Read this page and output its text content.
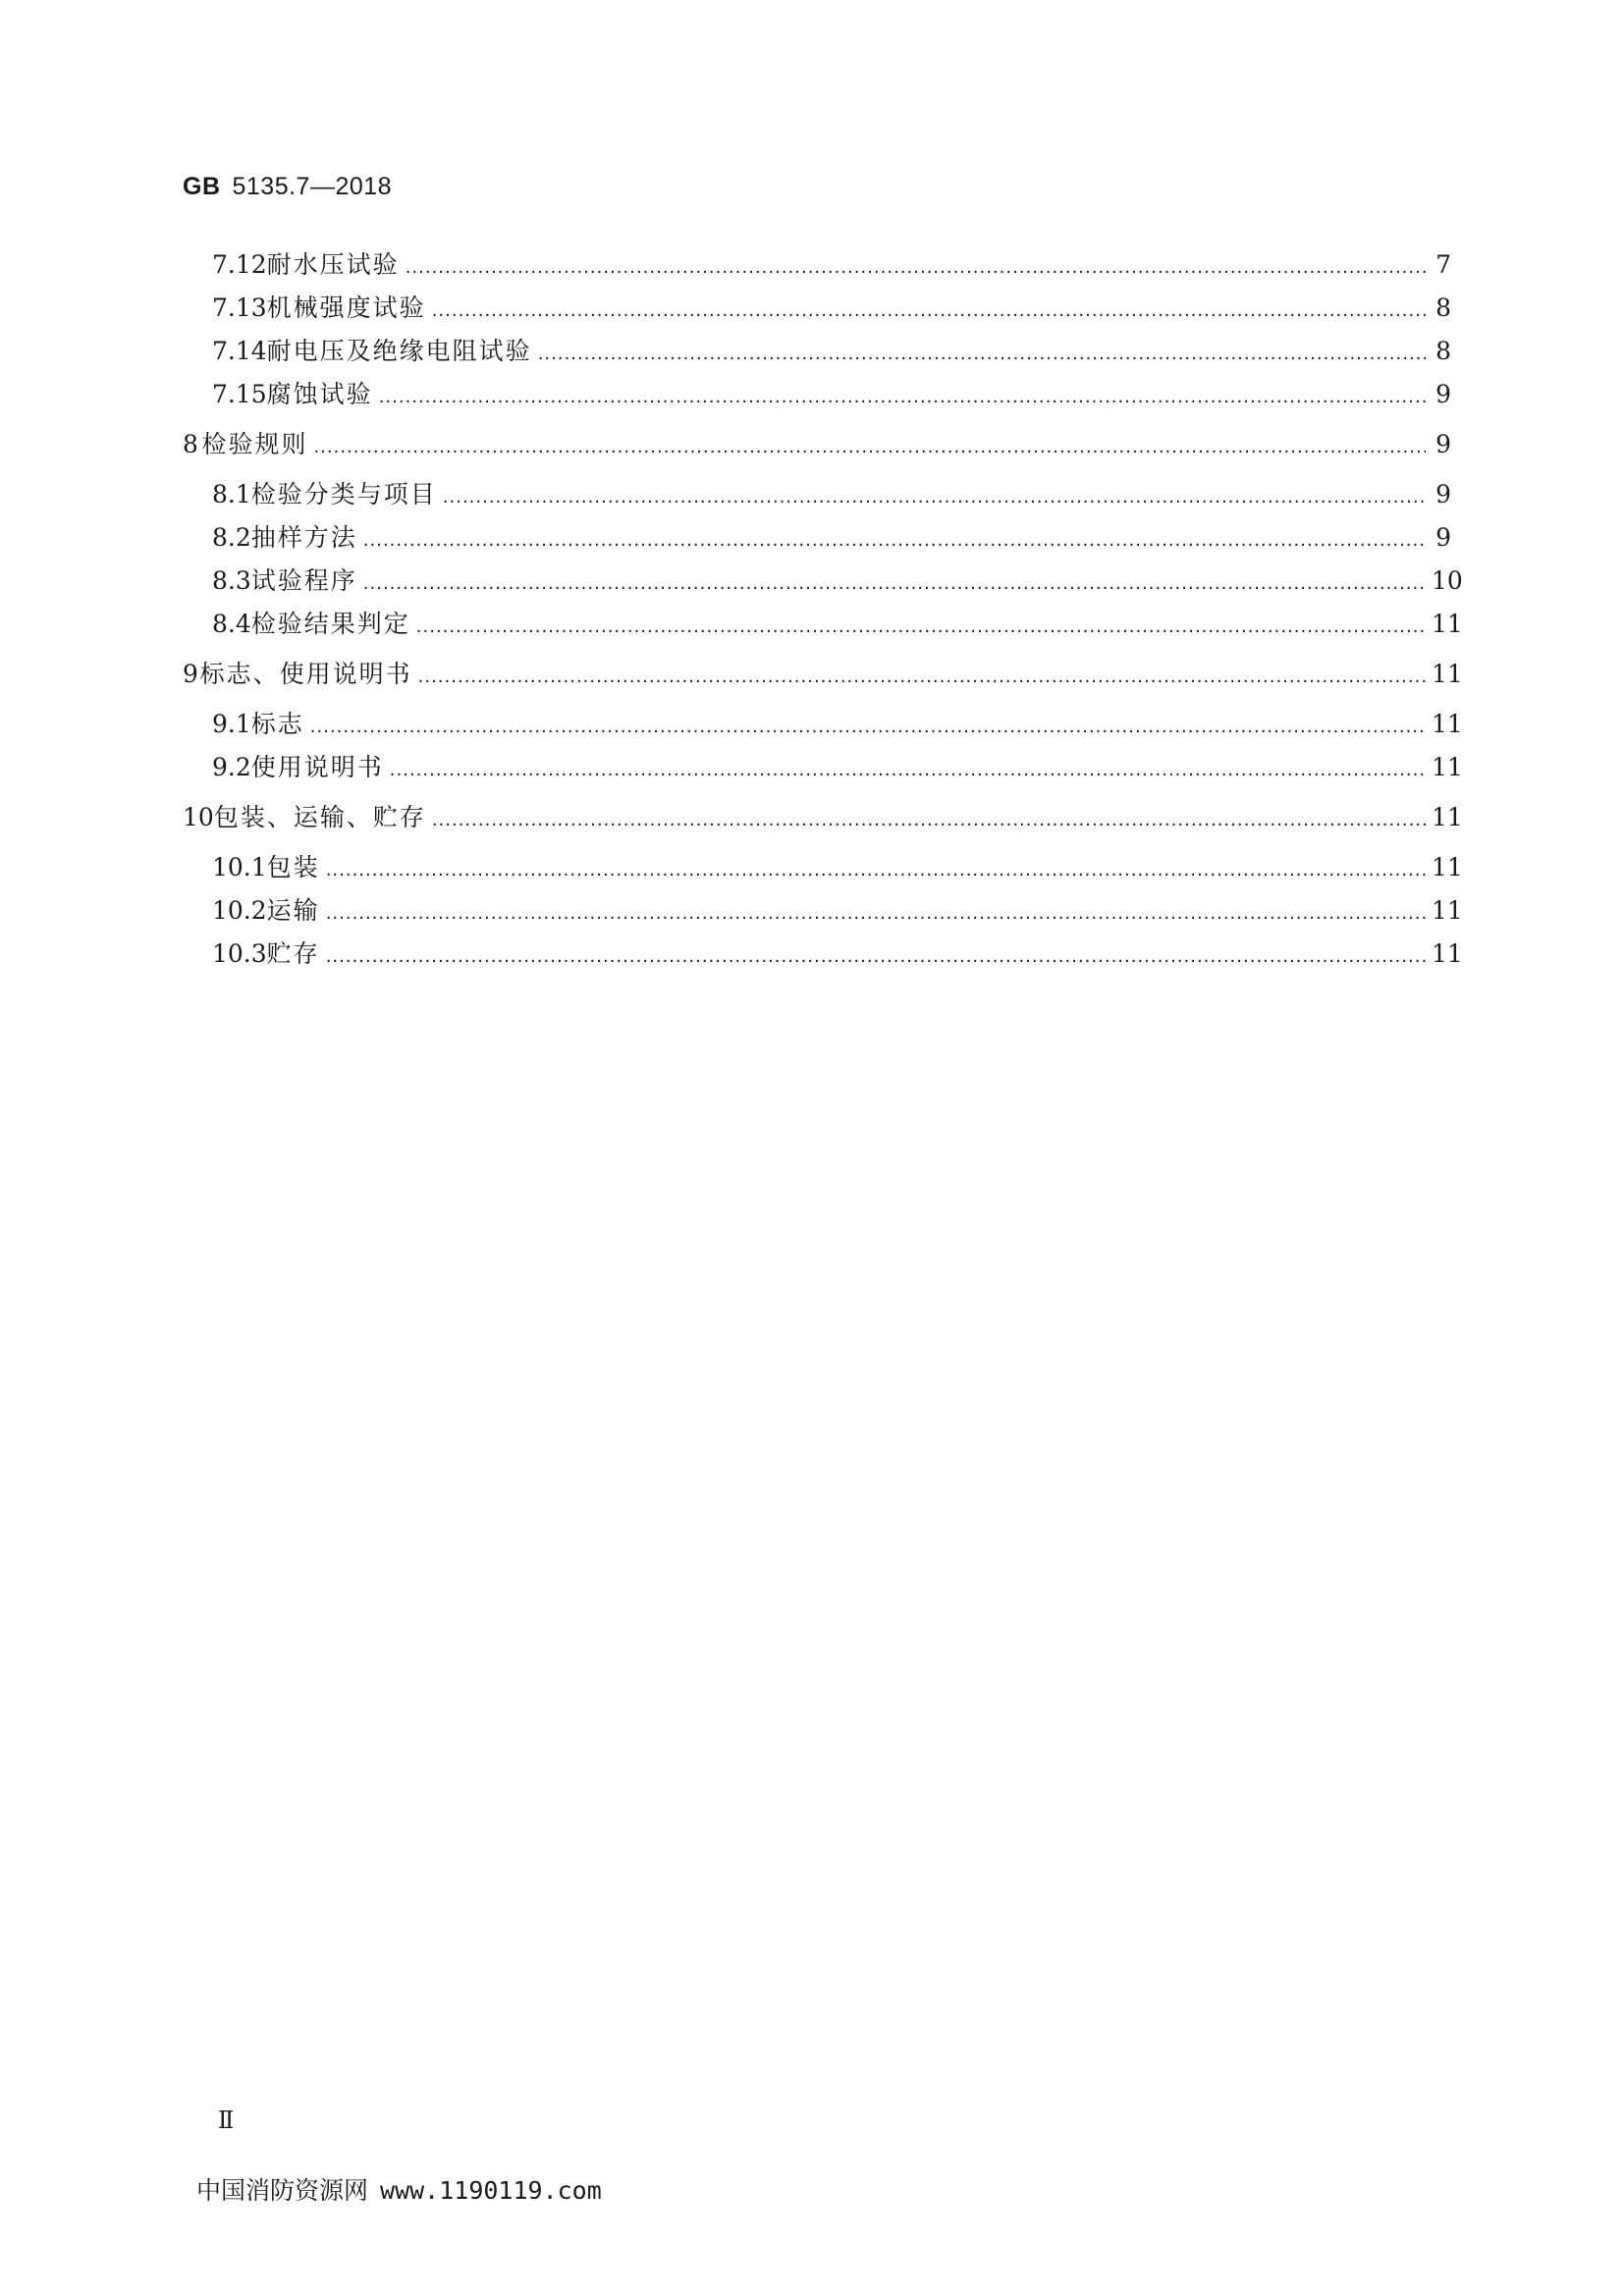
GB 5135.7—2018
7.12 耐水压试验 .....	7
7.13 机械强度试验 .....	8
7.14 耐电压及绝缘电阻试验 .....	8
7.15 腐蚀试验 .....	9
8 检验规则 .....	9
8.1 检验分类与项目 .....	9
8.2 抽样方法 .....	9
8.3 试验程序 .....	10
8.4 检验结果判定 .....	11
9 标志、使用说明书 .....	11
9.1 标志 .....	11
9.2 使用说明书 .....	11
10 包装、运输、贮存 .....	11
10.1 包装 .....	11
10.2 运输 .....	11
10.3 贮存 .....	11
Ⅱ
中国消防资源网 www.1190119.com
